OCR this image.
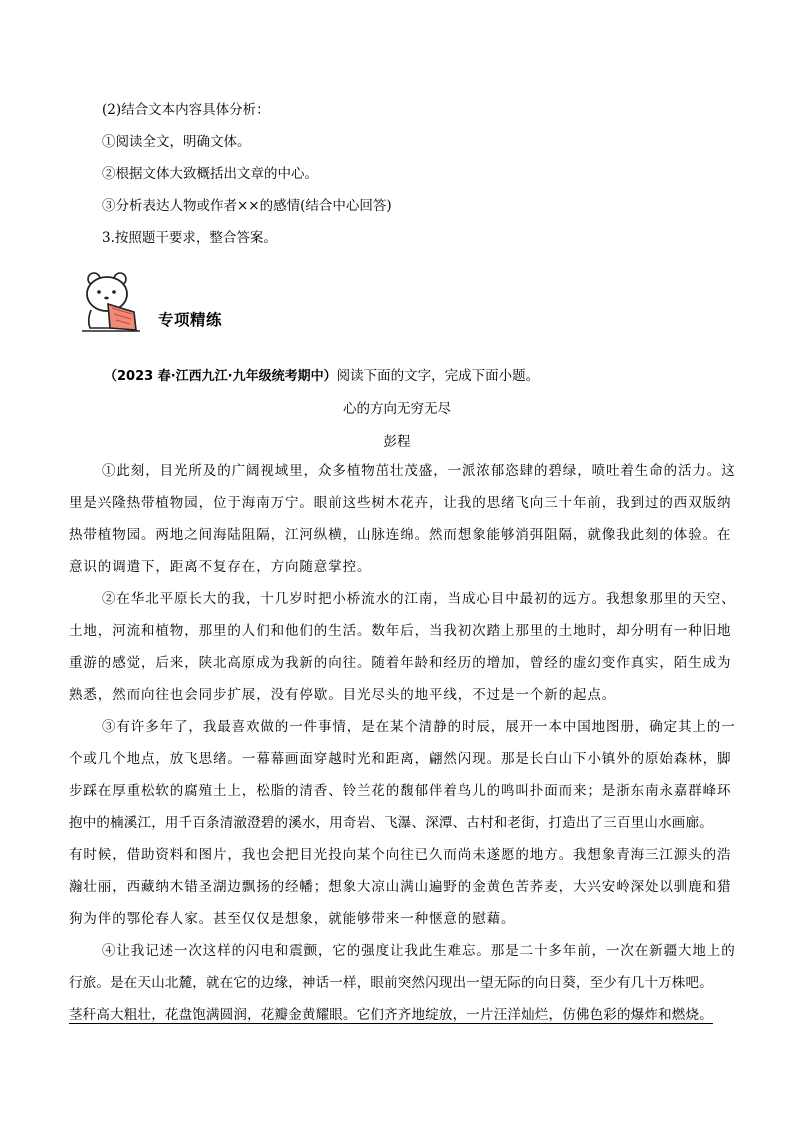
(2)结合文本内容具体分析：
①阅读全文，明确文体。
②根据文体大致概括出文章的中心。
③分析表达人物或作者××的感情(结合中心回答)
3.按照题干要求，整合答案。
专项精练
（2023 春·江西九江·九年级统考期中）阅读下面的文字，完成下面小题。
心的方向无穷无尽
彭程
①此刻，目光所及的广阔视域里，众多植物茁壮茂盛，一派浓郁恣肆的碧绿，喷吐着生命的活力。这
里是兴隆热带植物园，位于海南万宁。眼前这些树木花卉，让我的思绪飞向三十年前，我到过的西双版纳
热带植物园。两地之间海陆阻隔，江河纵横，山脉连绵。然而想象能够消弭阻隔，就像我此刻的体验。在
意识的调遣下，距离不复存在，方向随意掌控。
②在华北平原长大的我，十几岁时把小桥流水的江南，当成心目中最初的远方。我想象那里的天空、
土地，河流和植物，那里的人们和他们的生活。数年后，当我初次踏上那里的土地时，却分明有一种旧地
重游的感觉，后来，陕北高原成为我新的向往。随着年龄和经历的增加，曾经的虚幻变作真实，陌生成为
熟悉，然而向往也会同步扩展，没有停歇。目光尽头的地平线，不过是一个新的起点。
③有许多年了，我最喜欢做的一件事情，是在某个清静的时辰，展开一本中国地图册，确定其上的一
个或几个地点，放飞思绪。一幕幕画面穿越时光和距离，翩然闪现。那是长白山下小镇外的原始森林，脚
步踩在厚重松软的腐殖土上，松脂的清香、铃兰花的馥郁伴着鸟儿的鸣叫扑面而来；是浙东南永嘉群峰环
抱中的楠溪江，用千百条清澈澄碧的溪水，用奇岩、飞瀑、深潭、古村和老街，打造出了三百里山水画廊。
有时候，借助资料和图片，我也会把目光投向某个向往已久而尚未遂愿的地方。我想象青海三江源头的浩
瀚壮丽，西藏纳木错圣湖边飘扬的经幡；想象大凉山满山遍野的金黄色苦荞麦，大兴安岭深处以驯鹿和猎
狗为伴的鄂伦春人家。甚至仅仅是想象，就能够带来一种惬意的慰藉。
④让我记述一次这样的闪电和震颤，它的强度让我此生难忘。那是二十多年前，一次在新疆大地上的
行旅。是在天山北麓，就在它的边缘，神话一样，眼前突然闪现出一望无际的向日葵，至少有几十万株吧。
茎秆高大粗壮，花盘饱满圆润，花瓣金黄耀眼。它们齐齐地绽放，一片汪洋灿烂，仿佛色彩的爆炸和燃烧。
